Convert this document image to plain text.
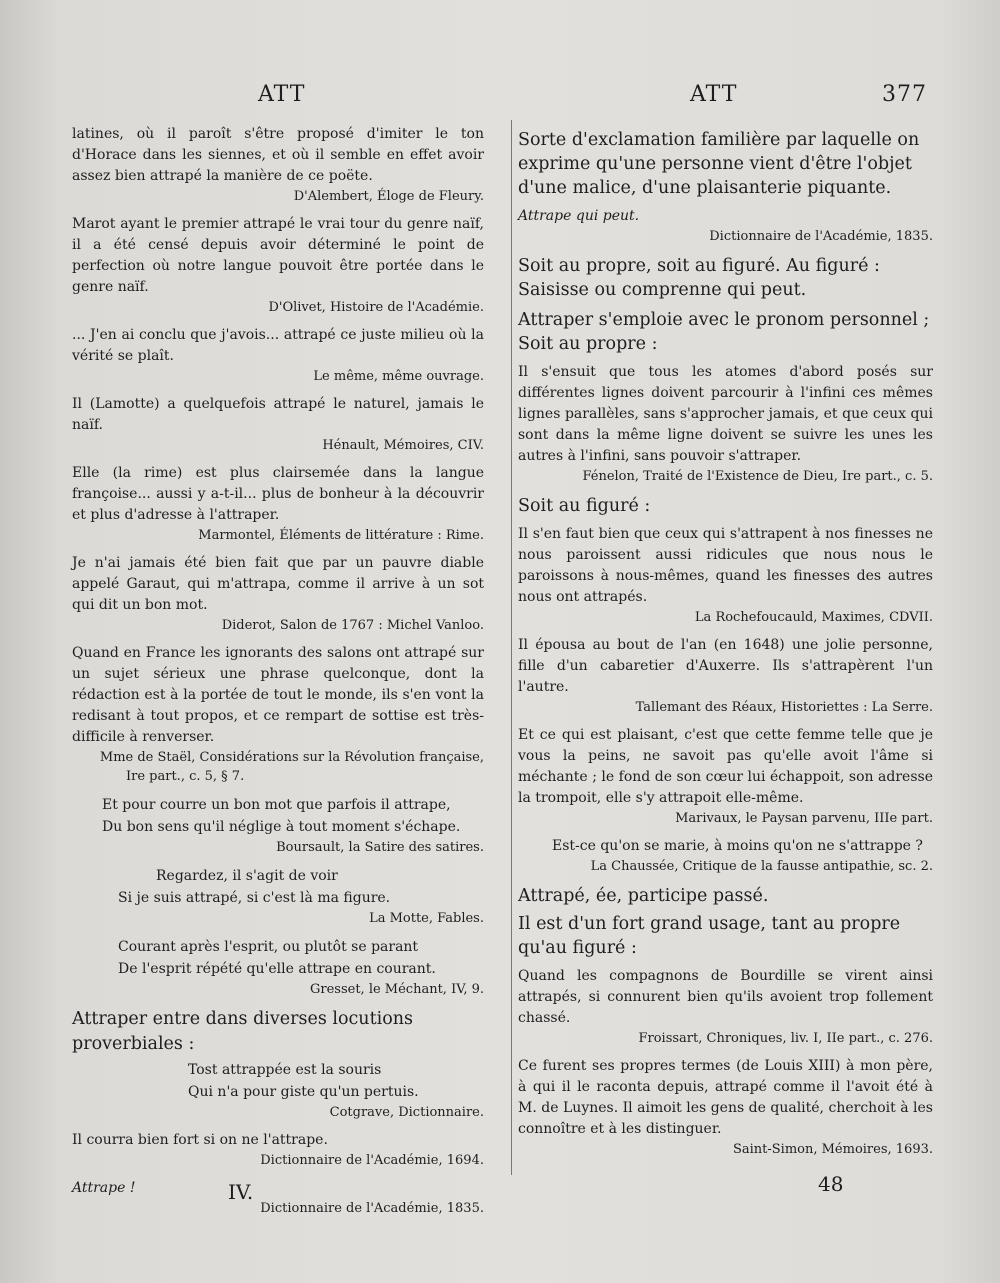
ATT	ATT	377

latines, où il paroît s'être proposé d'imiter le ton d'Horace dans les siennes, et où il semble en effet avoir assez bien attrapé la manière de ce poëte.

D'Alembert, Éloge de Fleury.

Marot ayant le premier attrapé le vrai tour du genre naïf, il a été censé depuis avoir déterminé le point de perfection où notre langue pouvoit être portée dans le genre naïf.

D'Olivet, Histoire de l'Académie.

... J'en ai conclu que j'avois... attrapé ce juste milieu où la vérité se plaît.

Le même, même ouvrage.

Il (Lamotte) a quelquefois attrapé le naturel, jamais le naïf.

Hénault, Mémoires, CIV.

Elle (la rime) est plus clairsemée dans la langue françoise... aussi y a-t-il... plus de bonheur à la découvrir et plus d'adresse à l'attraper.

Marmontel, Éléments de littérature : Rime.

Je n'ai jamais été bien fait que par un pauvre diable appelé Garaut, qui m'attrapa, comme il arrive à un sot qui dit un bon mot.

Diderot, Salon de 1767 : Michel Vanloo.

Quand en France les ignorants des salons ont attrapé sur un sujet sérieux une phrase quelconque, dont la rédaction est à la portée de tout le monde, ils s'en vont la redisant à tout propos, et ce rempart de sottise est très-difficile à renverser.

Mme de Staël, Considérations sur la Révolution française,

Ire part., c. 5, § 7.

Et pour courre un bon mot que parfois il attrape,

Du bon sens qu'il néglige à tout moment s'échape.

Boursault, la Satire des satires.

Regardez, il s'agit de voir

Si je suis attrapé, si c'est là ma figure.

La Motte, Fables.

Courant après l'esprit, ou plutôt se parant

De l'esprit répété qu'elle attrape en courant.

Gresset, le Méchant, IV, 9.

Attraper entre dans diverses locutions proverbiales :

Tost attrappée est la souris

Qui n'a pour giste qu'un pertuis.

Cotgrave, Dictionnaire.

Il courra bien fort si on ne l'attrape.

Dictionnaire de l'Académie, 1694.

Attrape !

Dictionnaire de l'Académie, 1835.

Sorte d'exclamation familière par laquelle on exprime qu'une personne vient d'être l'objet d'une malice, d'une plaisanterie piquante.

Attrape qui peut.

Dictionnaire de l'Académie, 1835.

Soit au propre, soit au figuré. Au figuré : Saisisse ou comprenne qui peut.

Attraper s'emploie avec le pronom personnel ; Soit au propre :

Il s'ensuit que tous les atomes d'abord posés sur différentes lignes doivent parcourir à l'infini ces mêmes lignes parallèles, sans s'approcher jamais, et que ceux qui sont dans la même ligne doivent se suivre les unes les autres à l'infini, sans pouvoir s'attraper.

Fénelon, Traité de l'Existence de Dieu, Ire part., c. 5.

Soit au figuré :

Il s'en faut bien que ceux qui s'attrapent à nos finesses ne nous paroissent aussi ridicules que nous nous le paroissons à nous-mêmes, quand les finesses des autres nous ont attrapés.

La Rochefoucauld, Maximes, CDVII.

Il épousa au bout de l'an (en 1648) une jolie personne, fille d'un cabaretier d'Auxerre. Ils s'attrapèrent l'un l'autre.

Tallemant des Réaux, Historiettes : La Serre.

Et ce qui est plaisant, c'est que cette femme telle que je vous la peins, ne savoit pas qu'elle avoit l'âme si méchante ; le fond de son cœur lui échappoit, son adresse la trompoit, elle s'y attrapoit elle-même.

Marivaux, le Paysan parvenu, IIIe part.

Est-ce qu'on se marie, à moins qu'on ne s'attrappe ?

La Chaussée, Critique de la fausse antipathie, sc. 2.

Attrapé, ée, participe passé.

Il est d'un fort grand usage, tant au propre qu'au figuré :

Quand les compagnons de Bourdille se virent ainsi attrapés, si connurent bien qu'ils avoient trop follement chassé.

Froissart, Chroniques, liv. I, IIe part., c. 276.

Ce furent ses propres termes (de Louis XIII) à mon père, à qui il le raconta depuis, attrapé comme il l'avoit été à M. de Luynes. Il aimoit les gens de qualité, cherchoit à les connoître et à les distinguer.

Saint-Simon, Mémoires, 1693.

IV.	48
